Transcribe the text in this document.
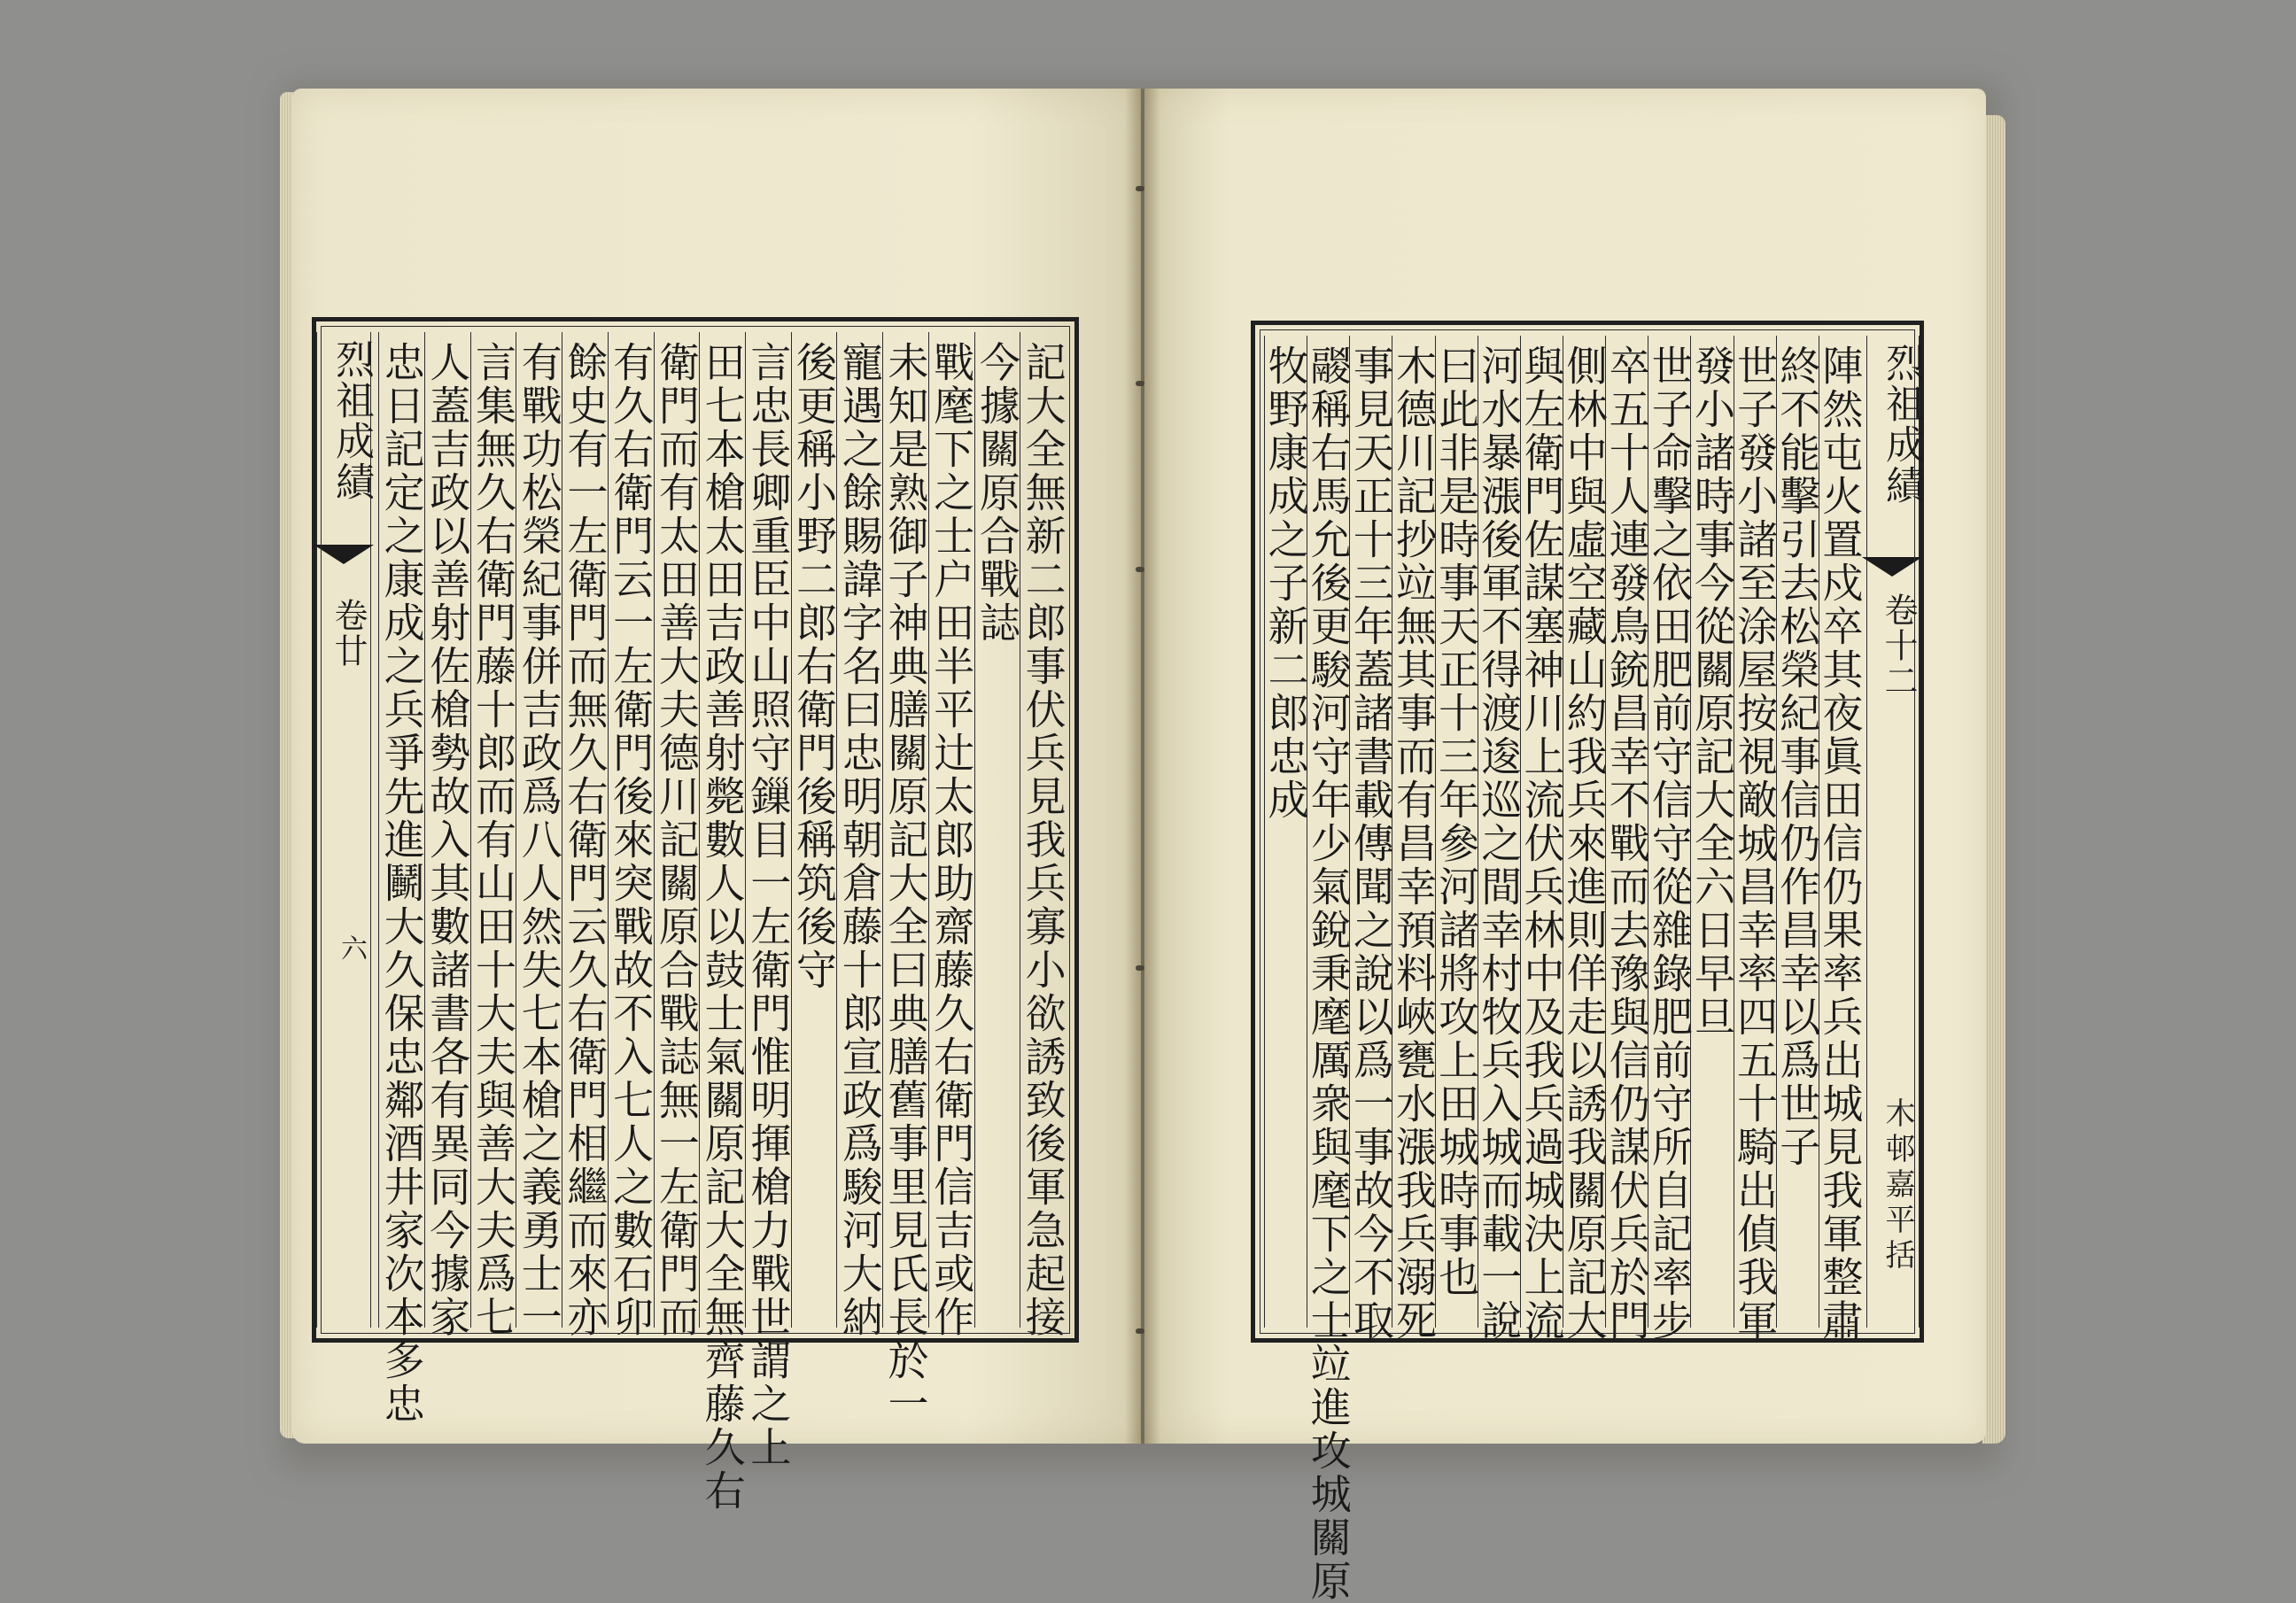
記大全無新二郎事伏兵見我兵寡小欲誘致後軍急起接
今據關原合戰誌
戰麾下之士户田半平辻太郎助齋藤久右衛門信吉或作
未知是熟御子神典膳關原記大全曰典膳舊事里見氏長於一
寵遇之餘賜諱字名曰忠明朝倉藤十郎宣政爲駿河大納
後更稱小野二郎右衛門後稱筑後守
言忠長卿重臣中山照守鏁目一左衛門惟明揮槍力戰世謂之上
田七本槍太田吉政善射斃數人以鼓士氣關原記大全無齊藤久右
衛門而有太田善大夫德川記關原合戰誌無一左衛門而
有久右衛門云一左衛門後來突戰故不入七人之數石卯
餘史有一左衛門而無久右衛門云久右衛門相繼而來亦
有戰功松榮紀事併吉政爲八人然失七本槍之義勇士一
言集無久右衛門藤十郎而有山田十大夫與善大夫爲七
人蓋吉政以善射佐槍勢故入其數諸書各有異同今據家
忠日記定之康成之兵爭先進鬭大久保忠鄰酒井家次本多忠
烈祖成績
卷廿
六	陣然屯火置戍卒其夜眞田信仍果率兵出城見我軍整肅
終不能擊引去松榮紀事信仍作昌幸以爲世子
世子發小諸至涂屋按視敵城昌幸率四五十騎出偵我軍
發小諸時事今從關原記大全六日早旦
世子命擊之依田肥前守信守從雜錄肥前守所自記率步
卒五十人連發鳥銃昌幸不戰而去豫與信仍謀伏兵於門
側林中與虛空藏山約我兵來進則佯走以誘我關原記大
與左衛門佐謀塞神川上流伏兵林中及我兵過城決上流
河水暴漲後軍不得渡逡巡之間幸村牧兵入城而載一說
曰此非是時事天正十三年參河諸將攻上田城時事也
木德川記抄竝無其事而有昌幸預料峽甕水漲我兵溺死
事見天正十三年蓋諸書載傳聞之說以爲一事故今不取
鬷稱右馬允後更駿河守年少氣銳秉麾厲衆與麾下之士竝進攻城關原
牧野康成之子新二郎忠成	烈祖成績
卷十二
木邨嘉平括
